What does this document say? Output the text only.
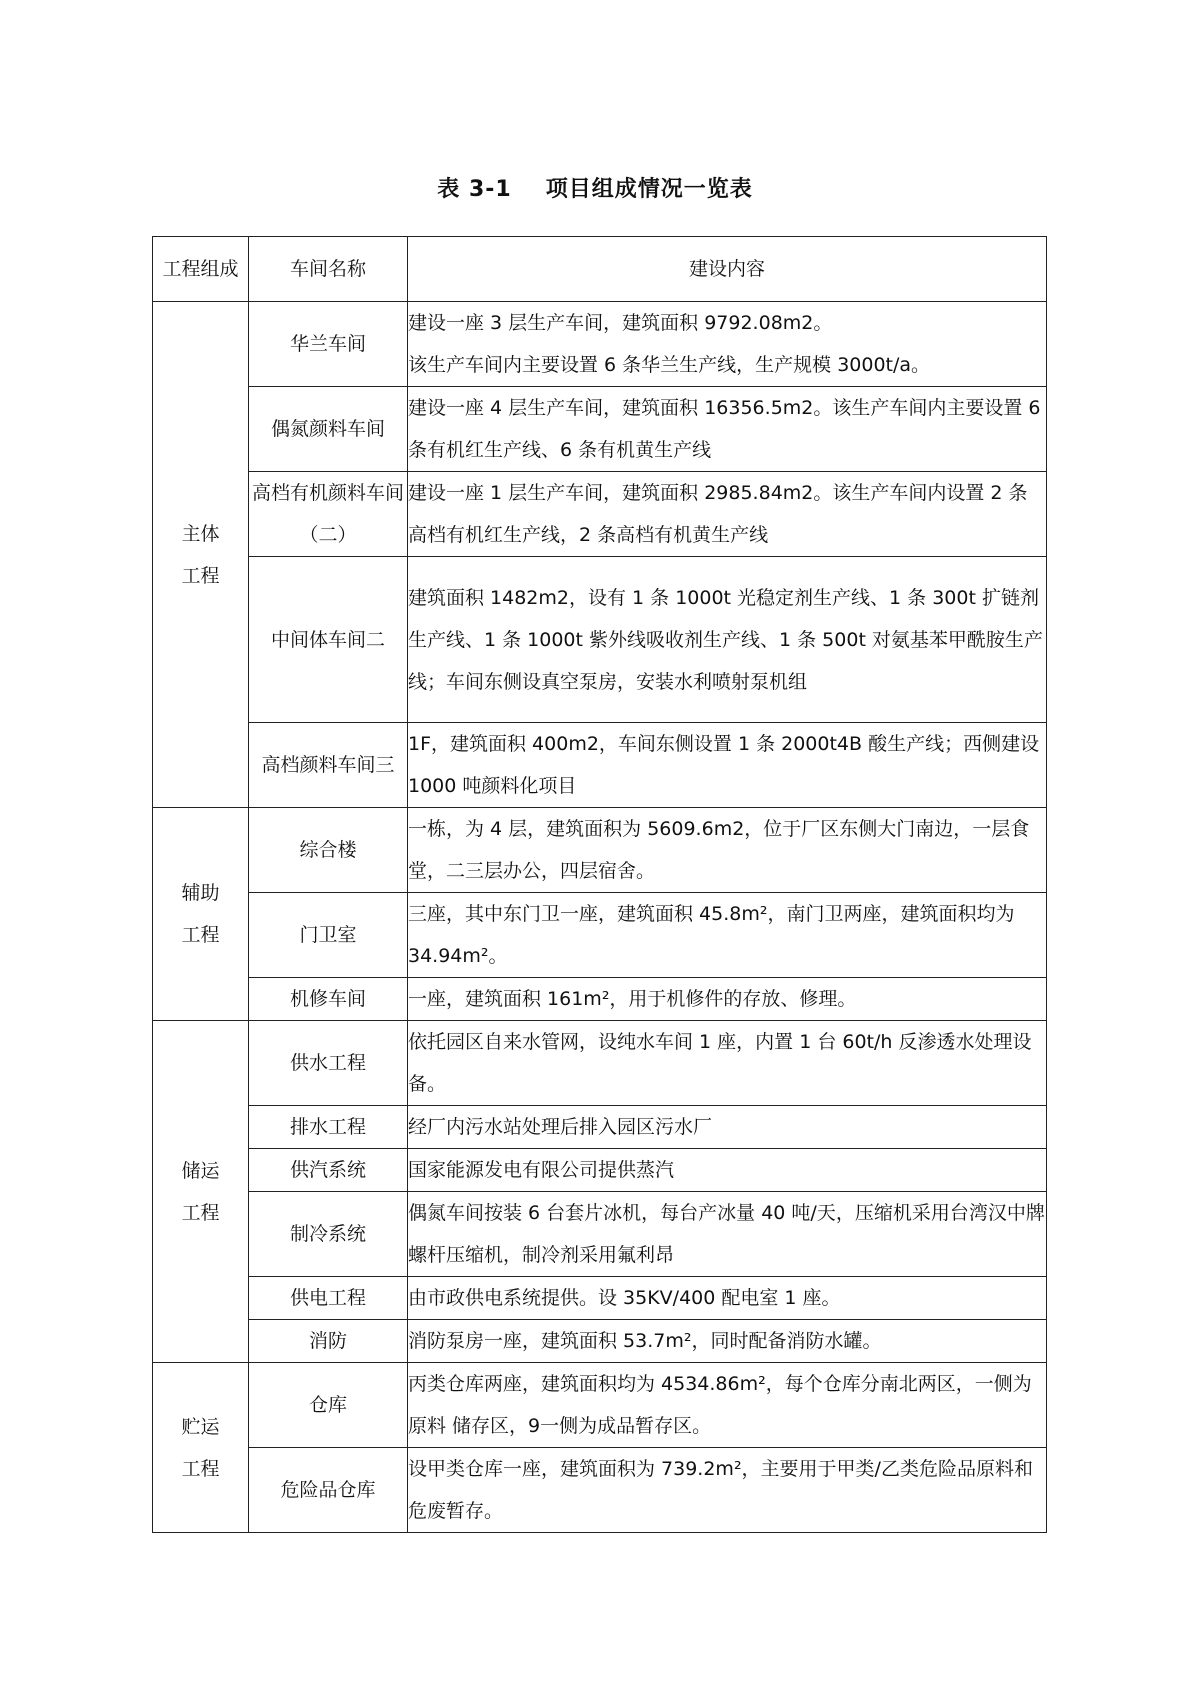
表 3-1 项目组成情况一览表
工程组成	车间名称	建设内容

主体
工程	华兰车间	建设一座 3 层生产车间，建筑面积 9792.08m2。
该生产车间内主要设置 6 条华兰生产线，生产规模 3000t/a。
	偶氮颜料车间	建设一座 4 层生产车间，建筑面积 16356.5m2。该生产车间内主要设置 6 条有机红生产线、6 条有机黄生产线
	高档有机颜料车间（二）	建设一座 1 层生产车间，建筑面积 2985.84m2。该生产车间内设置 2 条高档有机红生产线，2 条高档有机黄生产线
	中间体车间二	建筑面积 1482m2，设有 1 条 1000t 光稳定剂生产线、1 条 300t 扩链剂生产线、1 条 1000t 紫外线吸收剂生产线、1 条 500t 对氨基苯甲酰胺生产线；车间东侧设真空泵房，安装水利喷射泵机组
	高档颜料车间三	1F，建筑面积 400m2，车间东侧设置 1 条 2000t4B 酸生产线；西侧建设 1000 吨颜料化项目

辅助
工程	综合楼	一栋，为 4 层，建筑面积为 5609.6m2，位于厂区东侧大门南边，一层食堂，二三层办公，四层宿舍。
	门卫室	三座，其中东门卫一座，建筑面积 45.8m²，南门卫两座，建筑面积均为 34.94m²。
	机修车间	一座，建筑面积 161m²，用于机修件的存放、修理。

储运
工程	供水工程	依托园区自来水管网，设纯水车间 1 座，内置 1 台 60t/h 反渗透水处理设备。
	排水工程	经厂内污水站处理后排入园区污水厂
	供汽系统	国家能源发电有限公司提供蒸汽
	制冷系统	偶氮车间按装 6 台套片冰机，每台产冰量 40 吨/天，压缩机采用台湾汉中牌螺杆压缩机，制冷剂采用氟利昂
	供电工程	由市政供电系统提供。设 35KV/400 配电室 1 座。
	消防	消防泵房一座，建筑面积 53.7m²，同时配备消防水罐。

贮运
工程	仓库	丙类仓库两座，建筑面积均为 4534.86m²，每个仓库分南北两区，一侧为原料 储存区，9一侧为成品暂存区。
	危险品仓库	设甲类仓库一座，建筑面积为 739.2m²，主要用于甲类/乙类危险品原料和危废暂存。
